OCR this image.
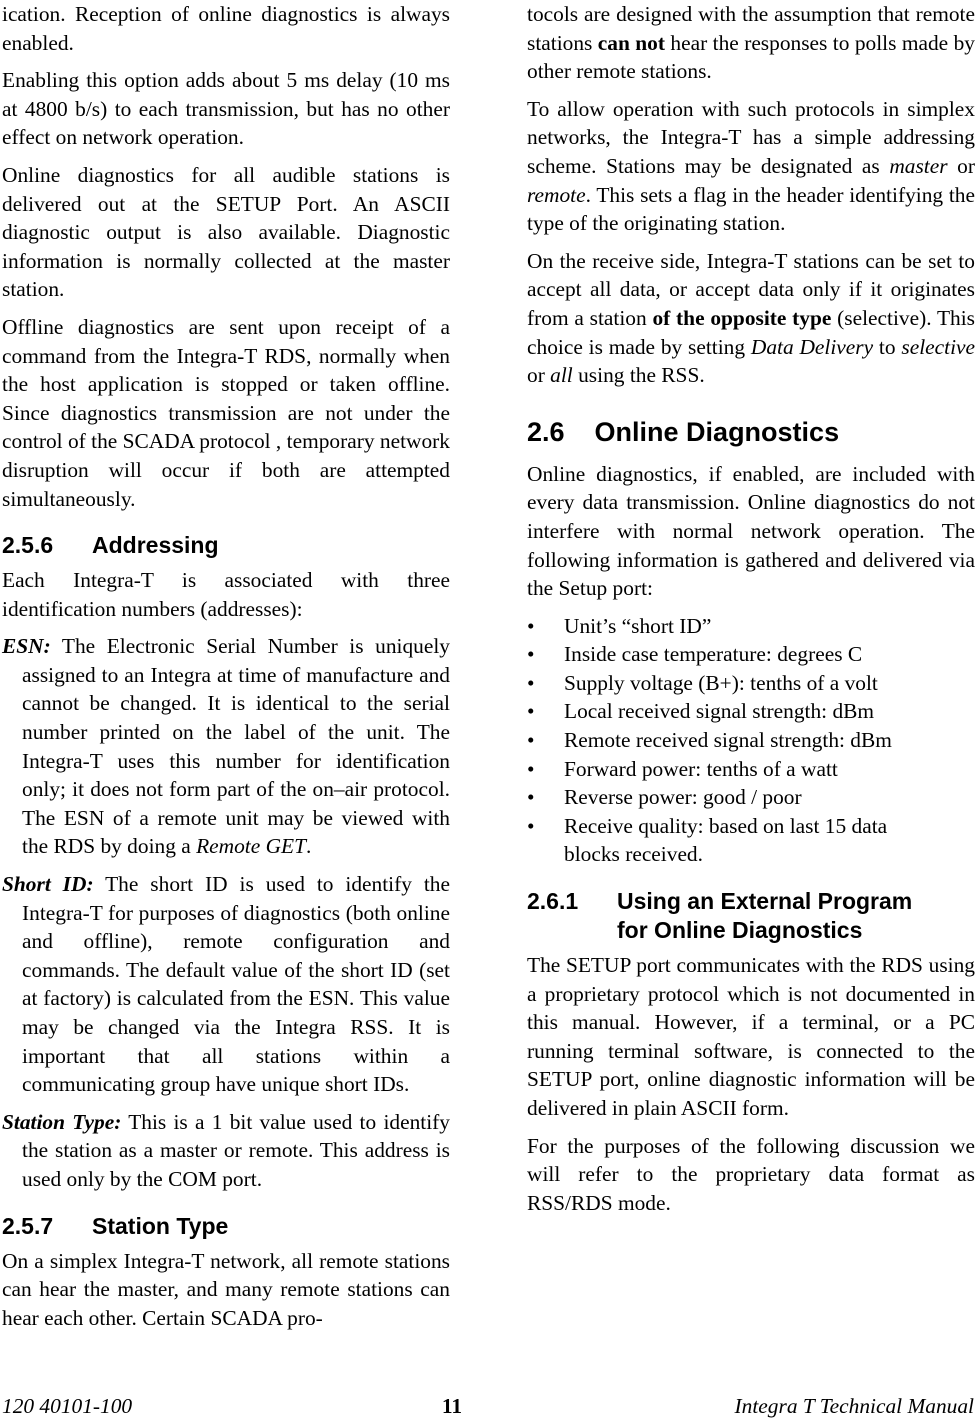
ication. Reception of online diagnostics is always enabled.

Enabling this option adds about 5 ms delay (10 ms at 4800 b/s) to each transmission, but has no other effect on network operation.

Online diagnostics for all audible stations is delivered out at the SETUP Port. An ASCII diagnostic output is also available. Diagnostic information is normally collected at the master station.

Offline diagnostics are sent upon receipt of a command from the Integra-T RDS, normally when the host application is stopped or taken offline. Since diagnostics transmission are not under the control of the SCADA protocol , temporary network disruption will occur if both are attempted simultaneously.

2.5.6	Addressing

Each Integra-T is associated with three identification numbers (addresses):

ESN: The Electronic Serial Number is uniquely assigned to an Integra at time of manufacture and cannot be changed. It is identical to the serial number printed on the label of the unit. The Integra-T uses this number for identification only; it does not form part of the on–air protocol. The ESN of a remote unit may be viewed with the RDS by doing a Remote GET.

Short ID: The short ID is used to identify the Integra-T for purposes of diagnostics (both online and offline), remote configuration and commands. The default value of the short ID (set at factory) is calculated from the ESN. This value may be changed via the Integra RSS. It is important that all stations within a communicating group have unique short IDs.

Station Type: This is a 1 bit value used to identify the station as a master or remote. This address is used only by the COM port.

2.5.7	Station Type

On a simplex Integra-T network, all remote stations can hear the master, and many remote stations can hear each other. Certain SCADA pro-

tocols are designed with the assumption that remote stations can not hear the responses to polls made by other remote stations.

To allow operation with such protocols in simplex networks, the Integra-T has a simple addressing scheme. Stations may be designated as master or remote. This sets a flag in the header identifying the type of the originating station.

On the receive side, Integra-T stations can be set to accept all data, or accept data only if it originates from a station of the opposite type (selective). This choice is made by setting Data Delivery to selective or all using the RSS.

2.6    Online Diagnostics

Online diagnostics, if enabled, are included with every data transmission. Online diagnostics do not interfere with normal network operation. The following information is gathered and delivered via the Setup port:

• Unit’s “short ID”
• Inside case temperature: degrees C
• Supply voltage (B+): tenths of a volt
• Local received signal strength: dBm
• Remote received signal strength: dBm
• Forward power: tenths of a watt
• Reverse power: good / poor
• Receive quality: based on last 15 data blocks received.
2.6.1	Using an External Program for Online Diagnostics

The SETUP port communicates with the RDS using a proprietary protocol which is not documented in this manual. However, if a terminal, or a PC running terminal software, is connected to the SETUP port, online diagnostic information will be delivered in plain ASCII form.

For the purposes of the following discussion we will refer to the proprietary data format as RSS/RDS mode.

120 40101-100	11	Integra T Technical Manual
